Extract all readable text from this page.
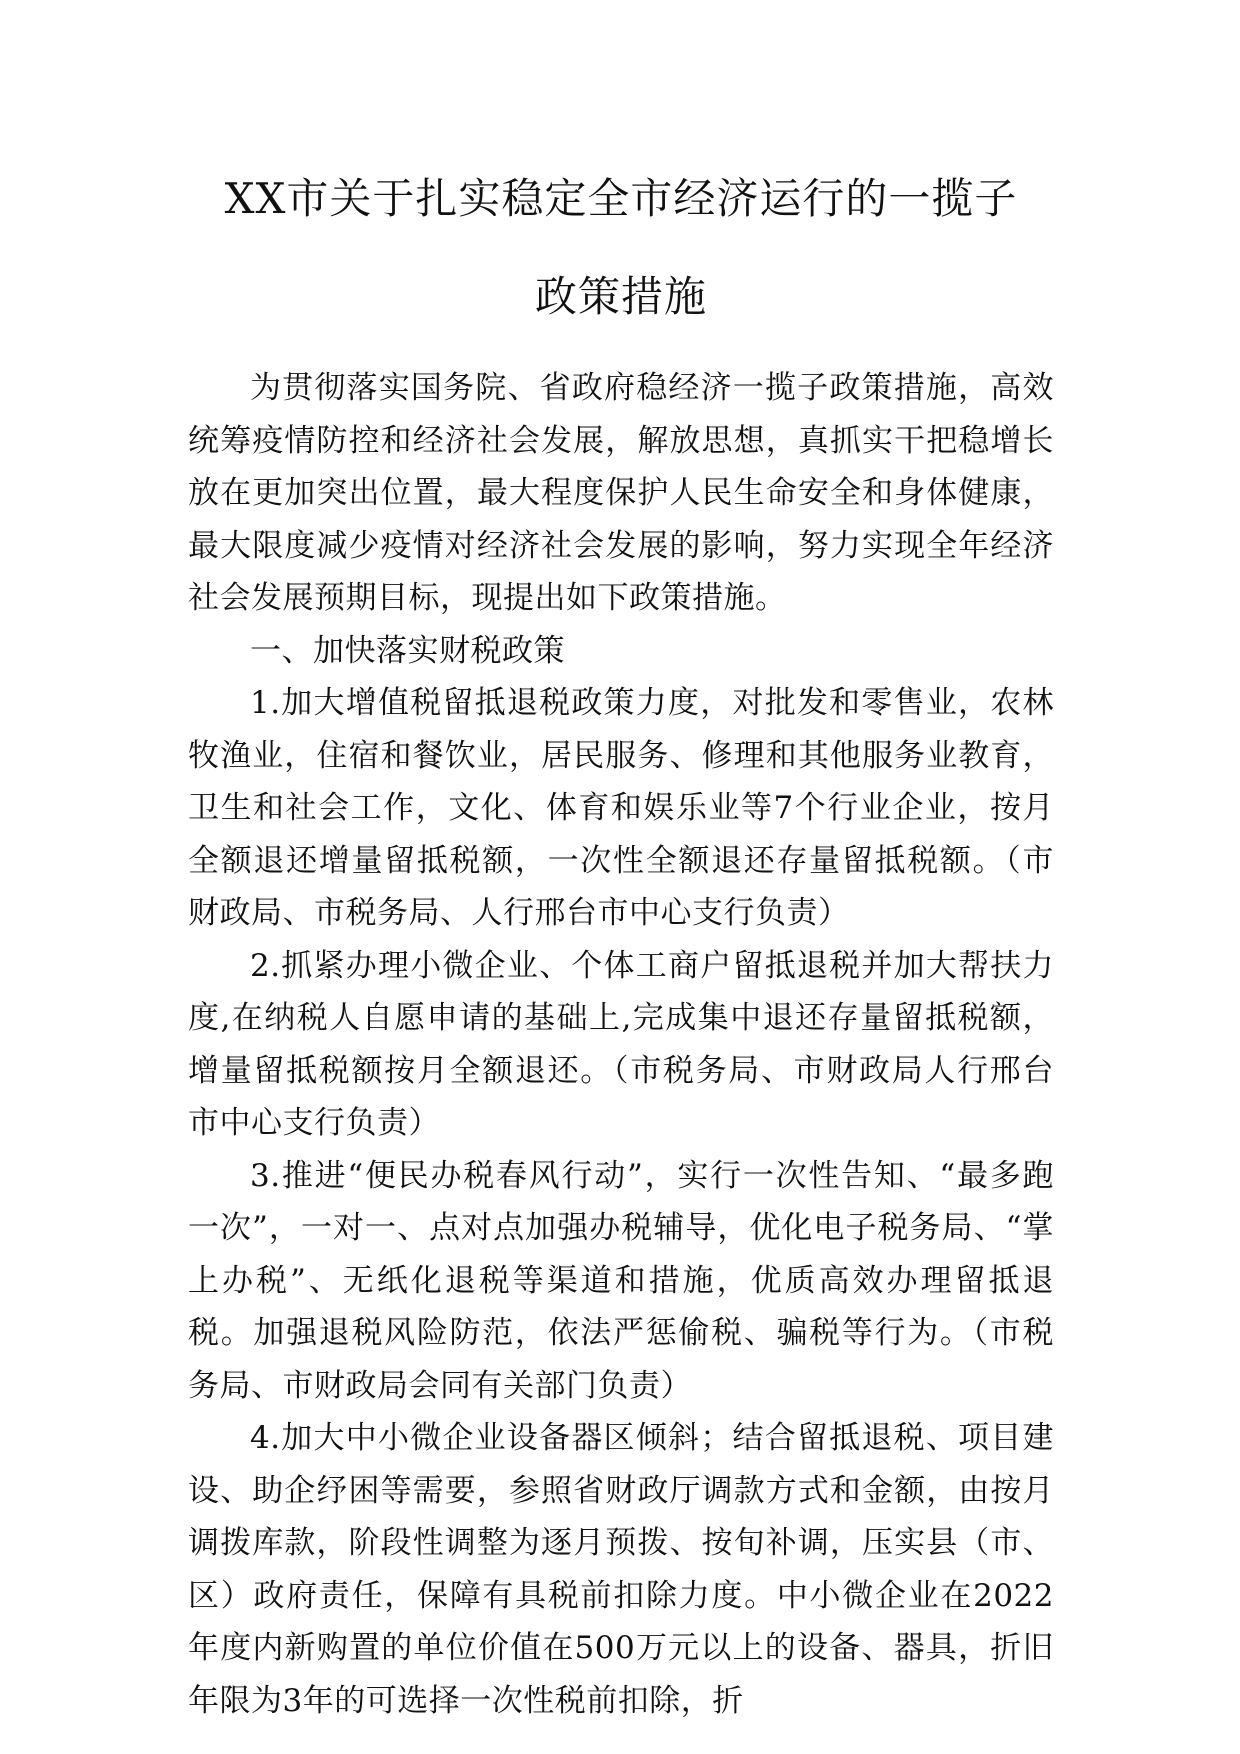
XX市关于扎实稳定全市经济运行的一揽子
政策措施

为贯彻落实国务院、省政府稳经济一揽子政策措施，高效统筹疫情防控和经济社会发展，解放思想，真抓实干把稳增长放在更加突出位置，最大程度保护人民生命安全和身体健康，最大限度减少疫情对经济社会发展的影响，努力实现全年经济社会发展预期目标，现提出如下政策措施。

一、加快落实财税政策

1.加大增值税留抵退税政策力度，对批发和零售业，农林牧渔业，住宿和餐饮业，居民服务、修理和其他服务业教育，卫生和社会工作，文化、体育和娱乐业等7个行业企业，按月全额退还增量留抵税额，一次性全额退还存量留抵税额。（市财政局、市税务局、人行邢台市中心支行负责）

2.抓紧办理小微企业、个体工商户留抵退税并加大帮扶力度,在纳税人自愿申请的基础上,完成集中退还存量留抵税额，增量留抵税额按月全额退还。（市税务局、市财政局人行邢台市中心支行负责）

3.推进“便民办税春风行动”，实行一次性告知、“最多跑一次”，一对一、点对点加强办税辅导，优化电子税务局、“掌上办税”、无纸化退税等渠道和措施，优质高效办理留抵退税。加强退税风险防范，依法严惩偷税、骗税等行为。（市税务局、市财政局会同有关部门负责）

4.加大中小微企业设备器区倾斜；结合留抵退税、项目建设、助企纾困等需要，参照省财政厅调款方式和金额，由按月调拨库款，阶段性调整为逐月预拨、按旬补调，压实县（市、区）政府责任，保障有具税前扣除力度。中小微企业在2022年度内新购置的单位价值在500万元以上的设备、器具，折旧年限为3年的可选择一次性税前扣除，折
